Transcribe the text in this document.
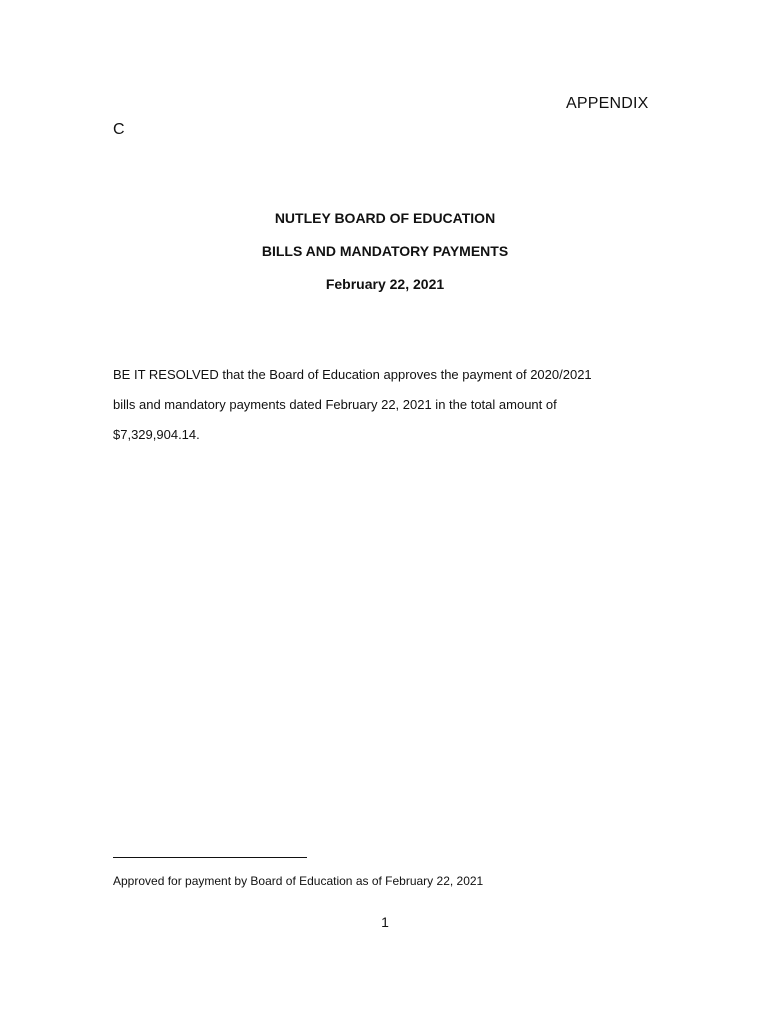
APPENDIX
C
NUTLEY BOARD OF EDUCATION
BILLS AND MANDATORY PAYMENTS
February 22, 2021
BE IT RESOLVED that the Board of Education approves the payment of 2020/2021
bills and mandatory payments dated February 22, 2021 in the total amount of
$7,329,904.14.
Approved for payment by Board of Education as of February 22, 2021
1
